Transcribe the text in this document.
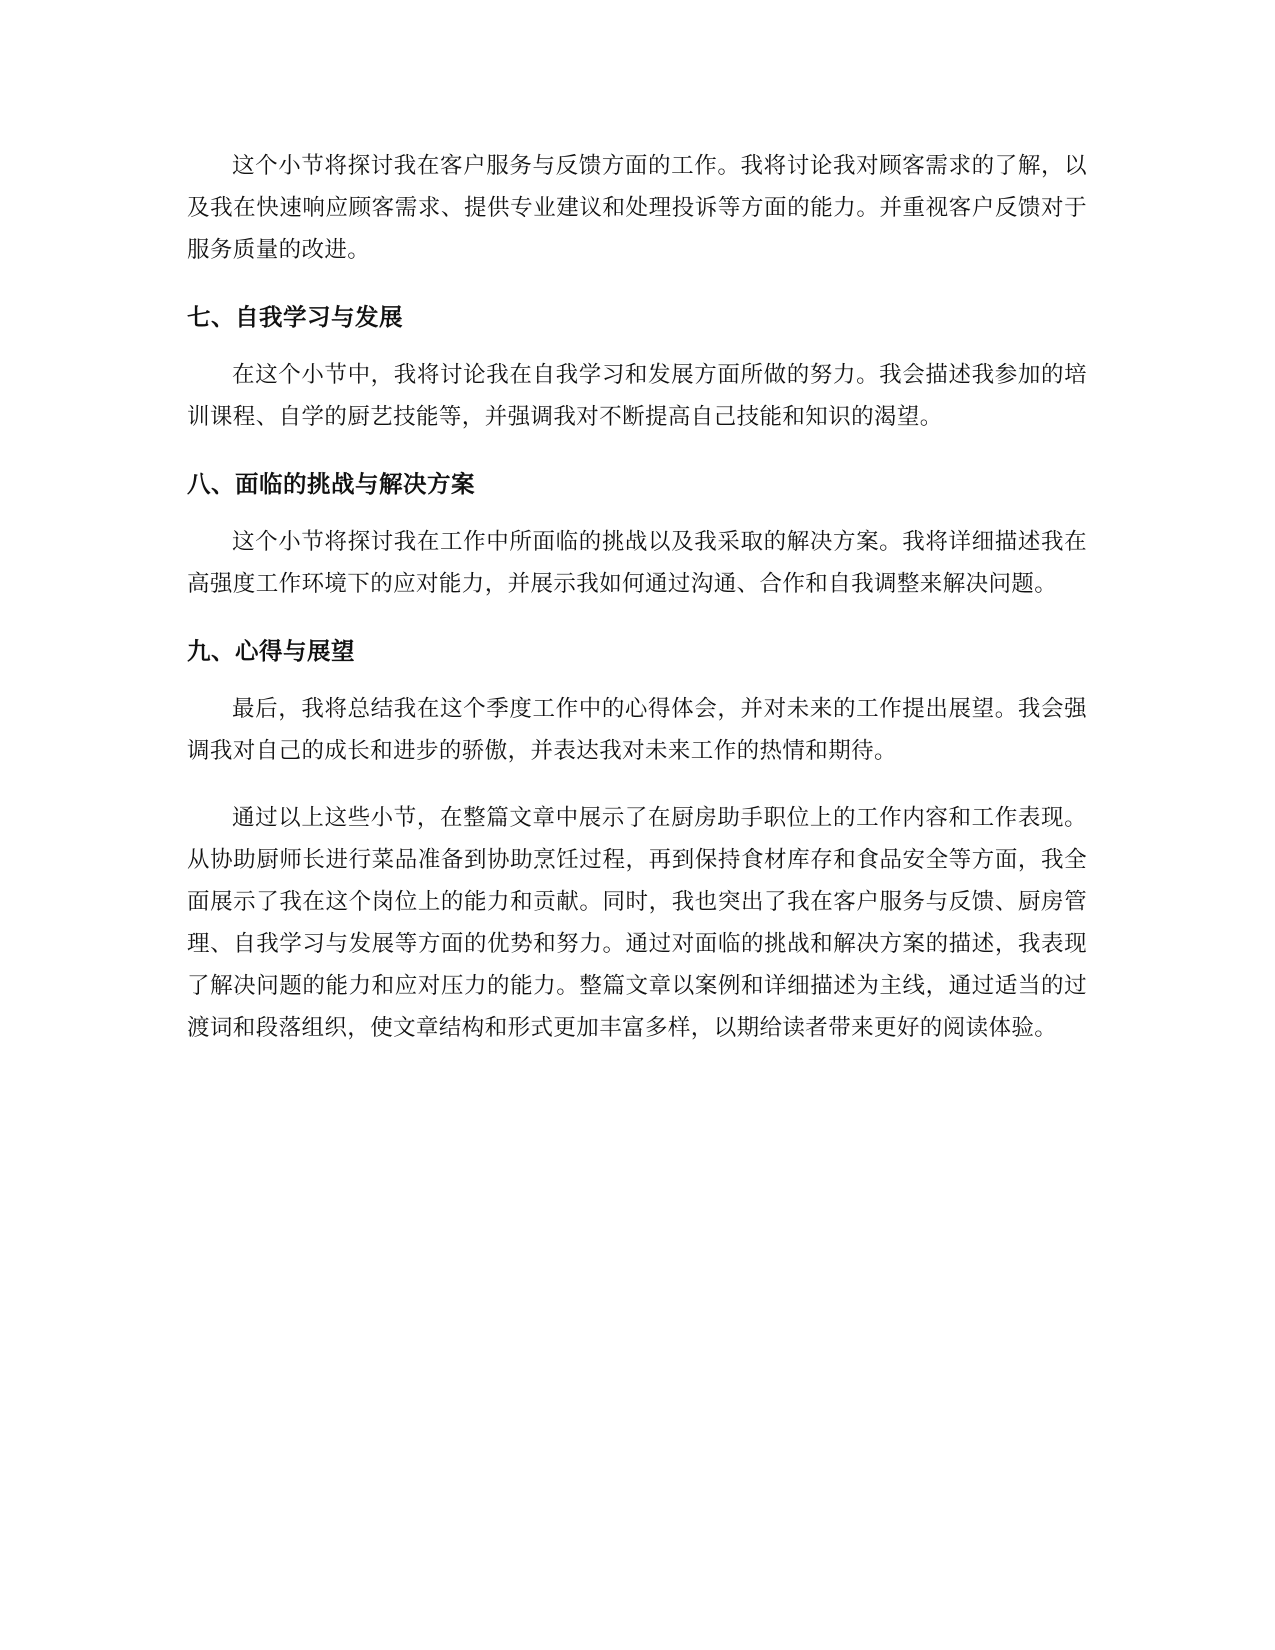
这个小节将探讨我在客户服务与反馈方面的工作。我将讨论我对顾客需求的了解，以及我在快速响应顾客需求、提供专业建议和处理投诉等方面的能力。并重视客户反馈对于服务质量的改进。

七、自我学习与发展

在这个小节中，我将讨论我在自我学习和发展方面所做的努力。我会描述我参加的培训课程、自学的厨艺技能等，并强调我对不断提高自己技能和知识的渴望。

八、面临的挑战与解决方案

这个小节将探讨我在工作中所面临的挑战以及我采取的解决方案。我将详细描述我在高强度工作环境下的应对能力，并展示我如何通过沟通、合作和自我调整来解决问题。

九、心得与展望

最后，我将总结我在这个季度工作中的心得体会，并对未来的工作提出展望。我会强调我对自己的成长和进步的骄傲，并表达我对未来工作的热情和期待。

通过以上这些小节，在整篇文章中展示了在厨房助手职位上的工作内容和工作表现。从协助厨师长进行菜品准备到协助烹饪过程，再到保持食材库存和食品安全等方面，我全面展示了我在这个岗位上的能力和贡献。同时，我也突出了我在客户服务与反馈、厨房管理、自我学习与发展等方面的优势和努力。通过对面临的挑战和解决方案的描述，我表现了解决问题的能力和应对压力的能力。整篇文章以案例和详细描述为主线，通过适当的过渡词和段落组织，使文章结构和形式更加丰富多样，以期给读者带来更好的阅读体验。
